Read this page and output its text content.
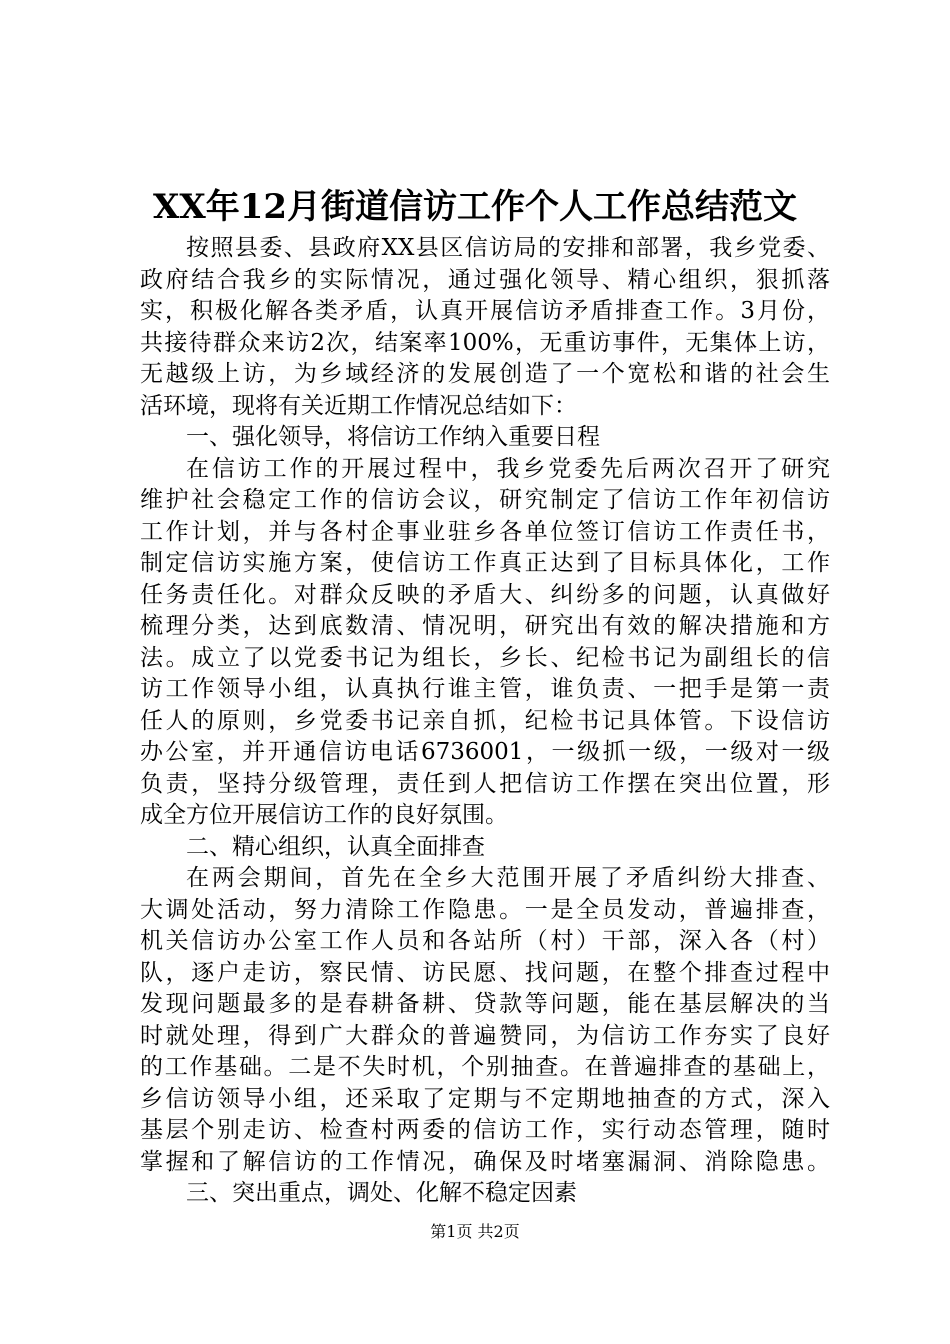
XX年12月街道信访工作个人工作总结范文
按照县委、县政府XX县区信访局的安排和部署，我乡党委、
政府结合我乡的实际情况，通过强化领导、精心组织，狠抓落
实，积极化解各类矛盾，认真开展信访矛盾排查工作。3月份，
共接待群众来访2次，结案率100%，无重访事件，无集体上访，
无越级上访，为乡域经济的发展创造了一个宽松和谐的社会生
活环境，现将有关近期工作情况总结如下：
一、强化领导，将信访工作纳入重要日程
在信访工作的开展过程中，我乡党委先后两次召开了研究
维护社会稳定工作的信访会议，研究制定了信访工作年初信访
工作计划，并与各村企事业驻乡各单位签订信访工作责任书，
制定信访实施方案，使信访工作真正达到了目标具体化，工作
任务责任化。对群众反映的矛盾大、纠纷多的问题，认真做好
梳理分类，达到底数清、情况明，研究出有效的解决措施和方
法。成立了以党委书记为组长，乡长、纪检书记为副组长的信
访工作领导小组，认真执行谁主管，谁负责、一把手是第一责
任人的原则，乡党委书记亲自抓，纪检书记具体管。下设信访
办公室，并开通信访电话6736001，一级抓一级，一级对一级
负责，坚持分级管理，责任到人把信访工作摆在突出位置，形
成全方位开展信访工作的良好氛围。
二、精心组织，认真全面排查
在两会期间，首先在全乡大范围开展了矛盾纠纷大排查、
大调处活动，努力清除工作隐患。一是全员发动，普遍排查，
机关信访办公室工作人员和各站所（村）干部，深入各（村）
队，逐户走访，察民情、访民愿、找问题，在整个排查过程中
发现问题最多的是春耕备耕、贷款等问题，能在基层解决的当
时就处理，得到广大群众的普遍赞同，为信访工作夯实了良好
的工作基础。二是不失时机，个别抽查。在普遍排查的基础上，
乡信访领导小组，还采取了定期与不定期地抽查的方式，深入
基层个别走访、检查村两委的信访工作，实行动态管理，随时
掌握和了解信访的工作情况，确保及时堵塞漏洞、消除隐患。
三、突出重点，调处、化解不稳定因素
第1页 共2页
